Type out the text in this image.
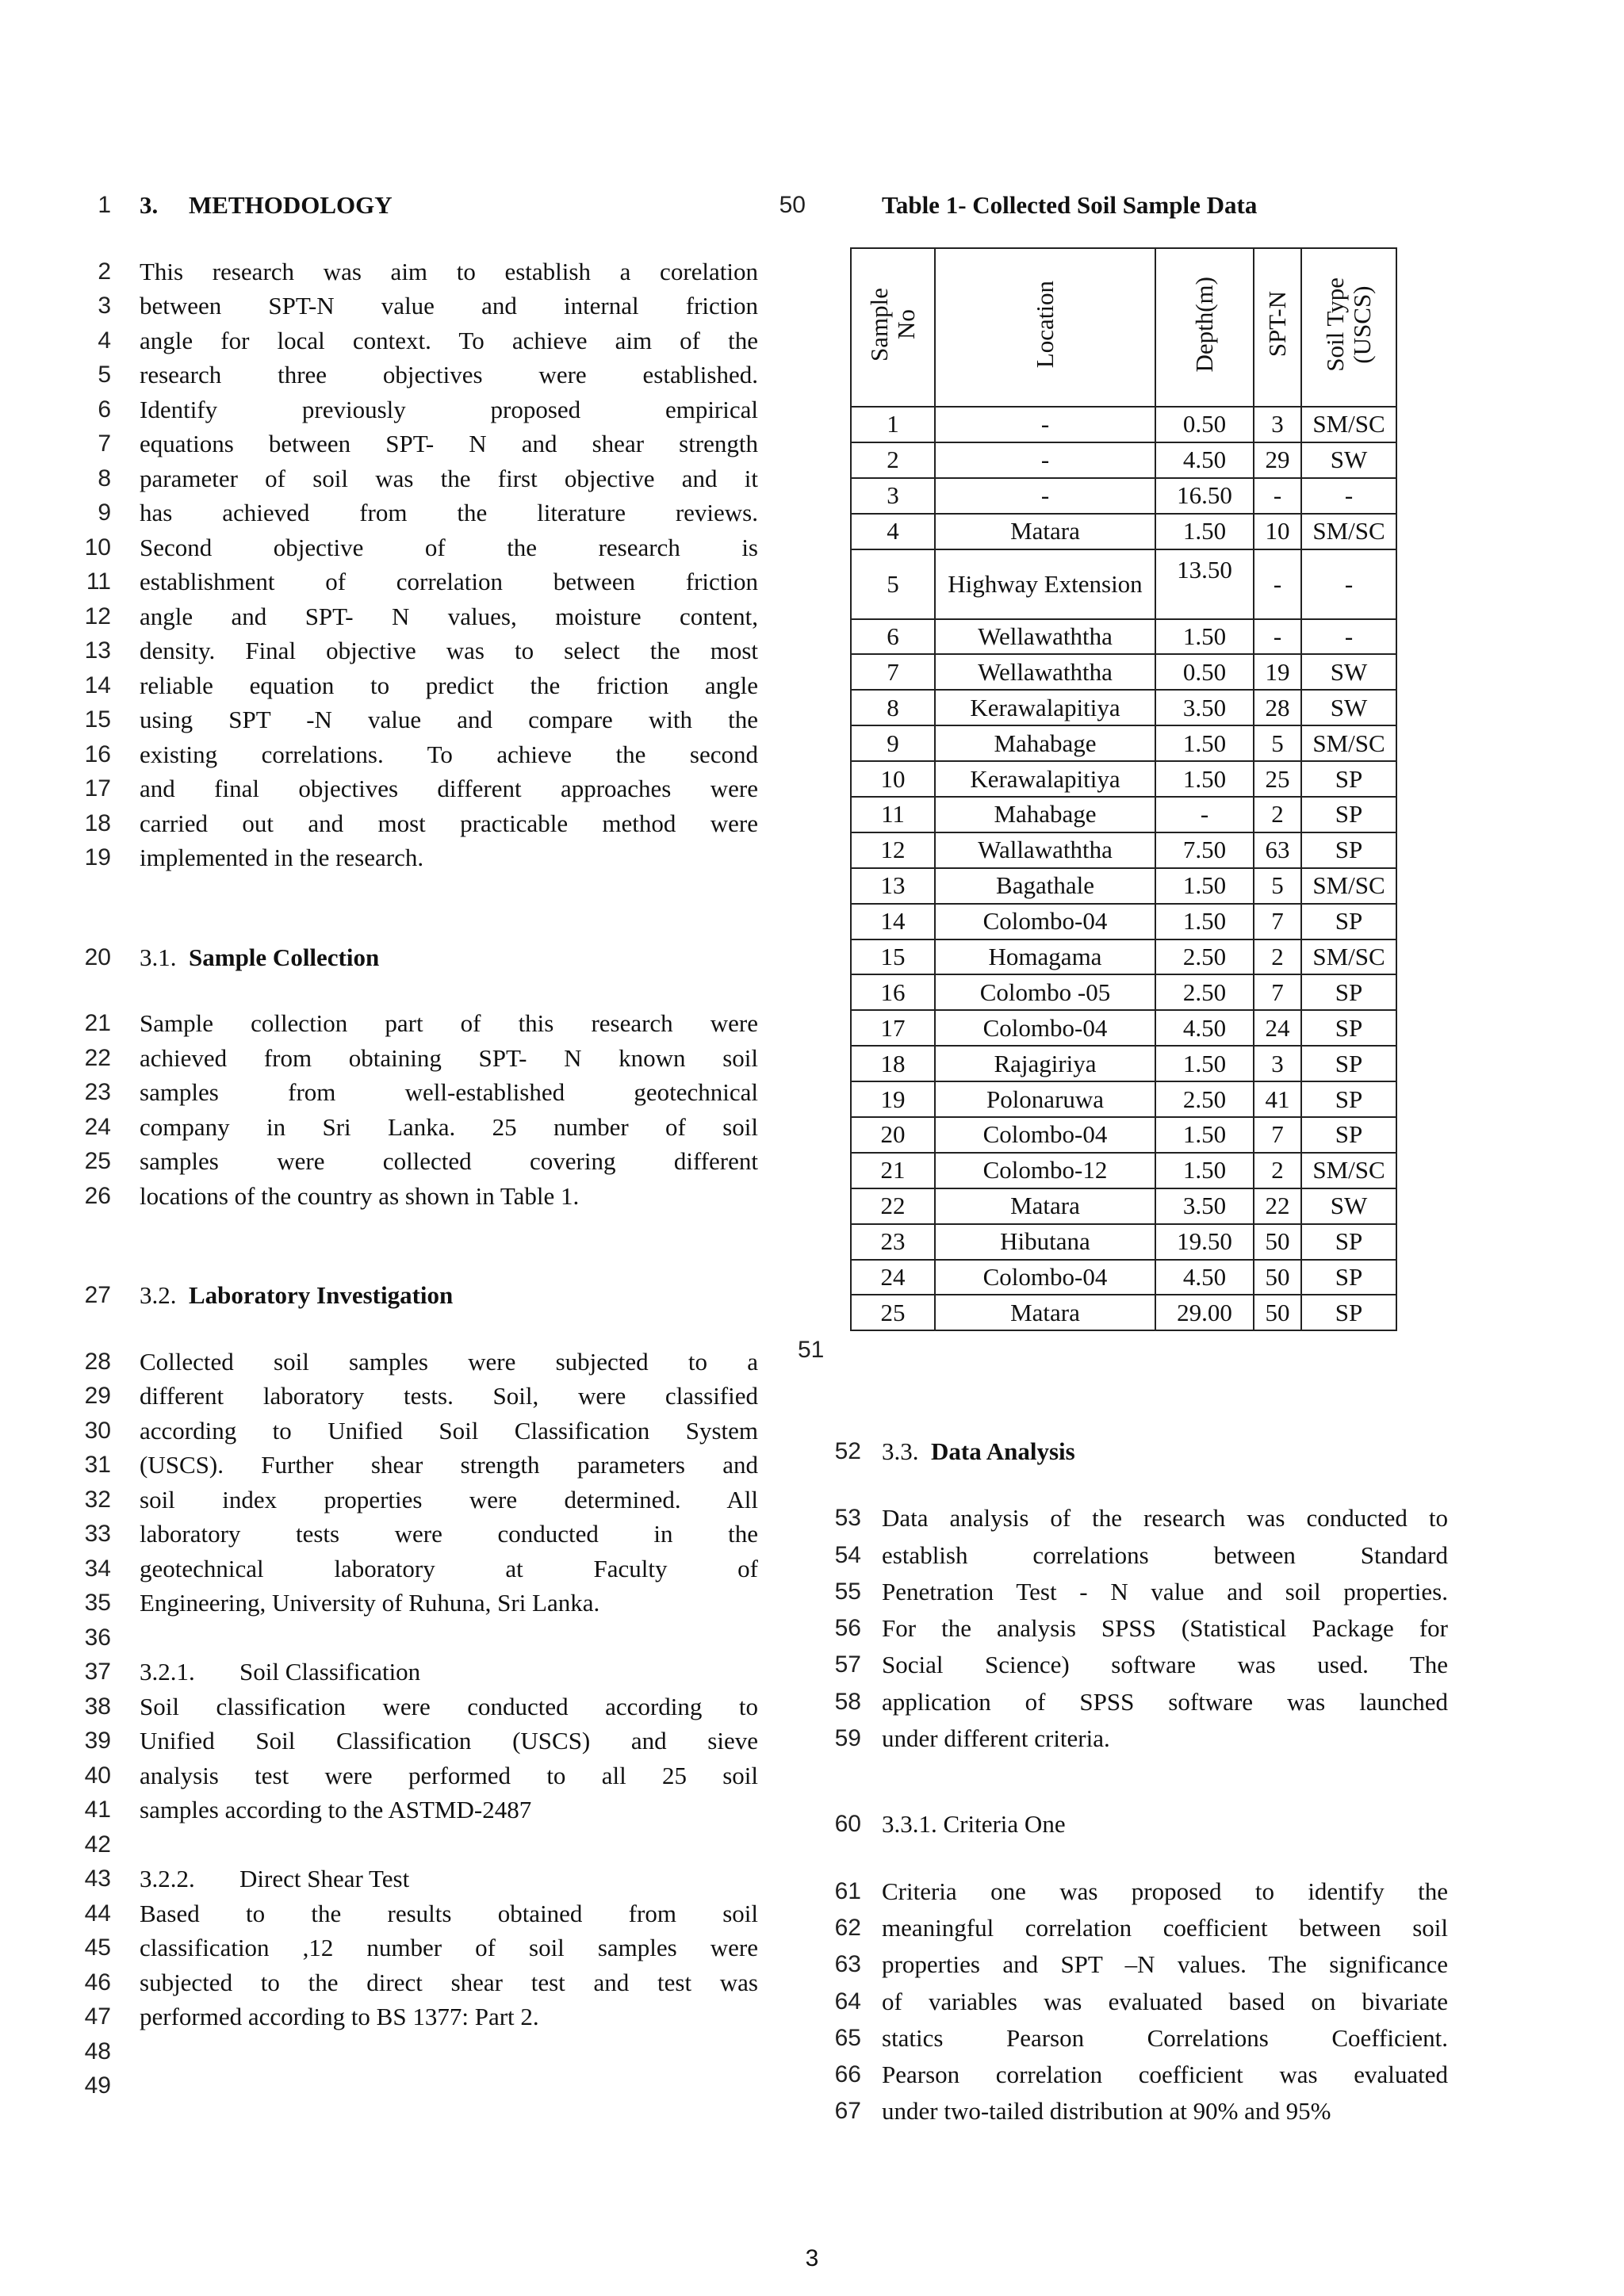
1 3. METHODOLOGY
2 This research was aim to establish a corelation
3 between SPT-N value and internal friction
4 angle for local context. To achieve aim of the
5 research three objectives were established.
6 Identify previously proposed empirical
7 equations between SPT- N and shear strength
8 parameter of soil was the first objective and it
9 has achieved from the literature reviews.
10 Second objective of the research is
11 establishment of correlation between friction
12 angle and SPT- N values, moisture content,
13 density. Final objective was to select the most
14 reliable equation to predict the friction angle
15 using SPT -N value and compare with the
16 existing correlations. To achieve the second
17 and final objectives different approaches were
18 carried out and most practicable method were
19 implemented in the research.
20 3.1. Sample Collection
21 Sample collection part of this research were
22 achieved from obtaining SPT- N known soil
23 samples from well-established geotechnical
24 company in Sri Lanka. 25 number of soil
25 samples were collected covering different
26 locations of the country as shown in Table 1.
27 3.2. Laboratory Investigation
28 Collected soil samples were subjected to a
29 different laboratory tests. Soil, were classified
30 according to Unified Soil Classification System
31 (USCS). Further shear strength parameters and
32 soil index properties were determined. All
33 laboratory tests were conducted in the
34 geotechnical laboratory at Faculty of
35 Engineering, University of Ruhuna, Sri Lanka.
36
37 3.2.1. Soil Classification
38 Soil classification were conducted according to
39 Unified Soil Classification (USCS) and sieve
40 analysis test were performed to all 25 soil
41 samples according to the ASTMD-2487
42
43 3.2.2. Direct Shear Test
44 Based to the results obtained from soil
45 classification ,12 number of soil samples were
46 subjected to the direct shear test and test was
47 performed according to BS 1377: Part 2.
48
49
50	Table 1- Collected Soil Sample Data
Sample
No	Location	Depth(m)	SPT-N	Soil Type
(USCS)
1	-	0.50	3	SM/SC
2	-	4.50	29	SW
3	-	16.50	-	-
4	Matara	1.50	10	SM/SC
5	Highway Extension	13.50	-	-
6	Wellawaththa	1.50	-	-
7	Wellawaththa	0.50	19	SW
8	Kerawalapitiya	3.50	28	SW
9	Mahabage	1.50	5	SM/SC
10	Kerawalapitiya	1.50	25	SP
11	Mahabage	-	2	SP
12	Wallawaththa	7.50	63	SP
13	Bagathale	1.50	5	SM/SC
14	Colombo-04	1.50	7	SP
15	Homagama	2.50	2	SM/SC
16	Colombo -05	2.50	7	SP
17	Colombo-04	4.50	24	SP
18	Rajagiriya	1.50	3	SP
19	Polonaruwa	2.50	41	SP
20	Colombo-04	1.50	7	SP
21	Colombo-12	1.50	2	SM/SC
22	Matara	3.50	22	SW
23	Hibutana	19.50	50	SP
24	Colombo-04	4.50	50	SP
25	Matara	29.00	50	SP
51
52 3.3. Data Analysis
53 Data analysis of the research was conducted to
54 establish correlations between Standard
55 Penetration Test - N value and soil properties.
56 For the analysis SPSS (Statistical Package for
57 Social Science) software was used. The
58 application of SPSS software was launched
59 under different criteria.
60 3.3.1. Criteria One
61 Criteria one was proposed to identify the
62 meaningful correlation coefficient between soil
63 properties and SPT –N values. The significance
64 of variables was evaluated based on bivariate
65 statics Pearson Correlations Coefficient.
66 Pearson correlation coefficient was evaluated
67 under two-tailed distribution at 90% and 95%
3
